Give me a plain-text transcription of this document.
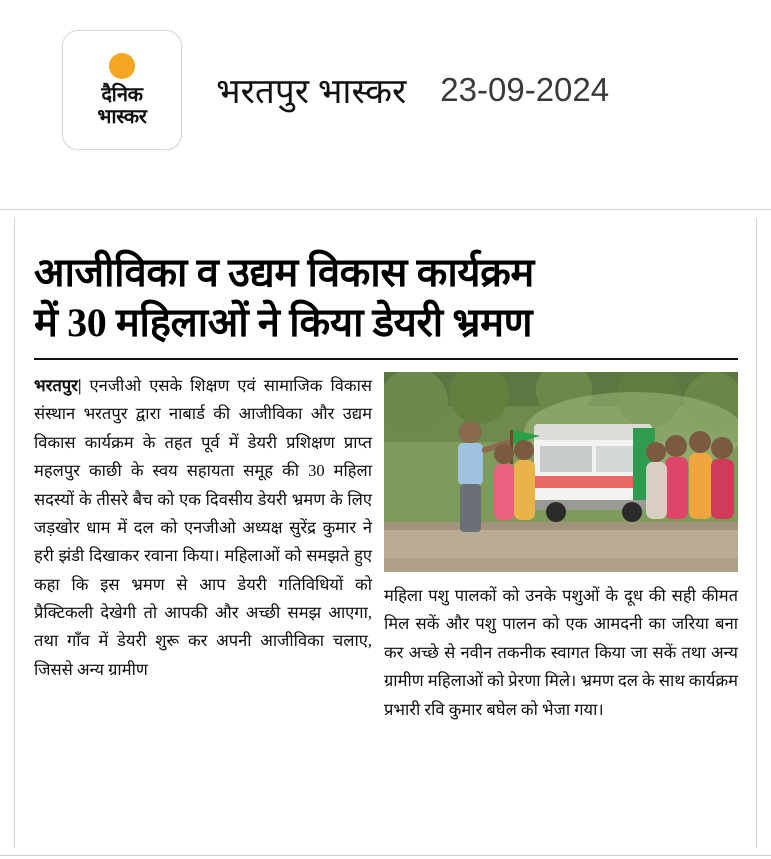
दैनिक
भास्कर
भरतपुर भास्कर 23-09-2024
आजीविका व उद्यम विकास कार्यक्रम
में 30 महिलाओं ने किया डेयरी भ्रमण

भरतपुर| एनजीओ एसके शिक्षण एवं सामाजिक विकास संस्थान भरतपुर द्वारा नाबार्ड की आजीविका और उद्यम विकास कार्यक्रम के तहत पूर्व में डेयरी प्रशिक्षण प्राप्त महलपुर काछी के स्वय सहायता समूह की 30 महिला सदस्यों के तीसरे बैच को एक दिवसीय डेयरी भ्रमण के लिए जड़खोर धाम में दल को एनजीओ अध्यक्ष सुरेंद्र कुमार ने हरी झंडी दिखाकर रवाना किया। महिलाओं को समझते हुए कहा कि इस भ्रमण से आप डेयरी गतिविधियों को प्रैक्टिकली देखेगी तो आपकी और अच्छी समझ आएगा, तथा गाँव में डेयरी शुरू कर अपनी आजीविका चलाए, जिससे अन्य ग्रामीण

महिला पशु पालकों को उनके पशुओं के दूध की सही कीमत मिल सकें और पशु पालन को एक आमदनी का जरिया बना कर अच्छे से नवीन तकनीक स्वागत किया जा सकें तथा अन्य ग्रामीण महिलाओं को प्रेरणा मिले। भ्रमण दल के साथ कार्यक्रम प्रभारी रवि कुमार बघेल को भेजा गया।
